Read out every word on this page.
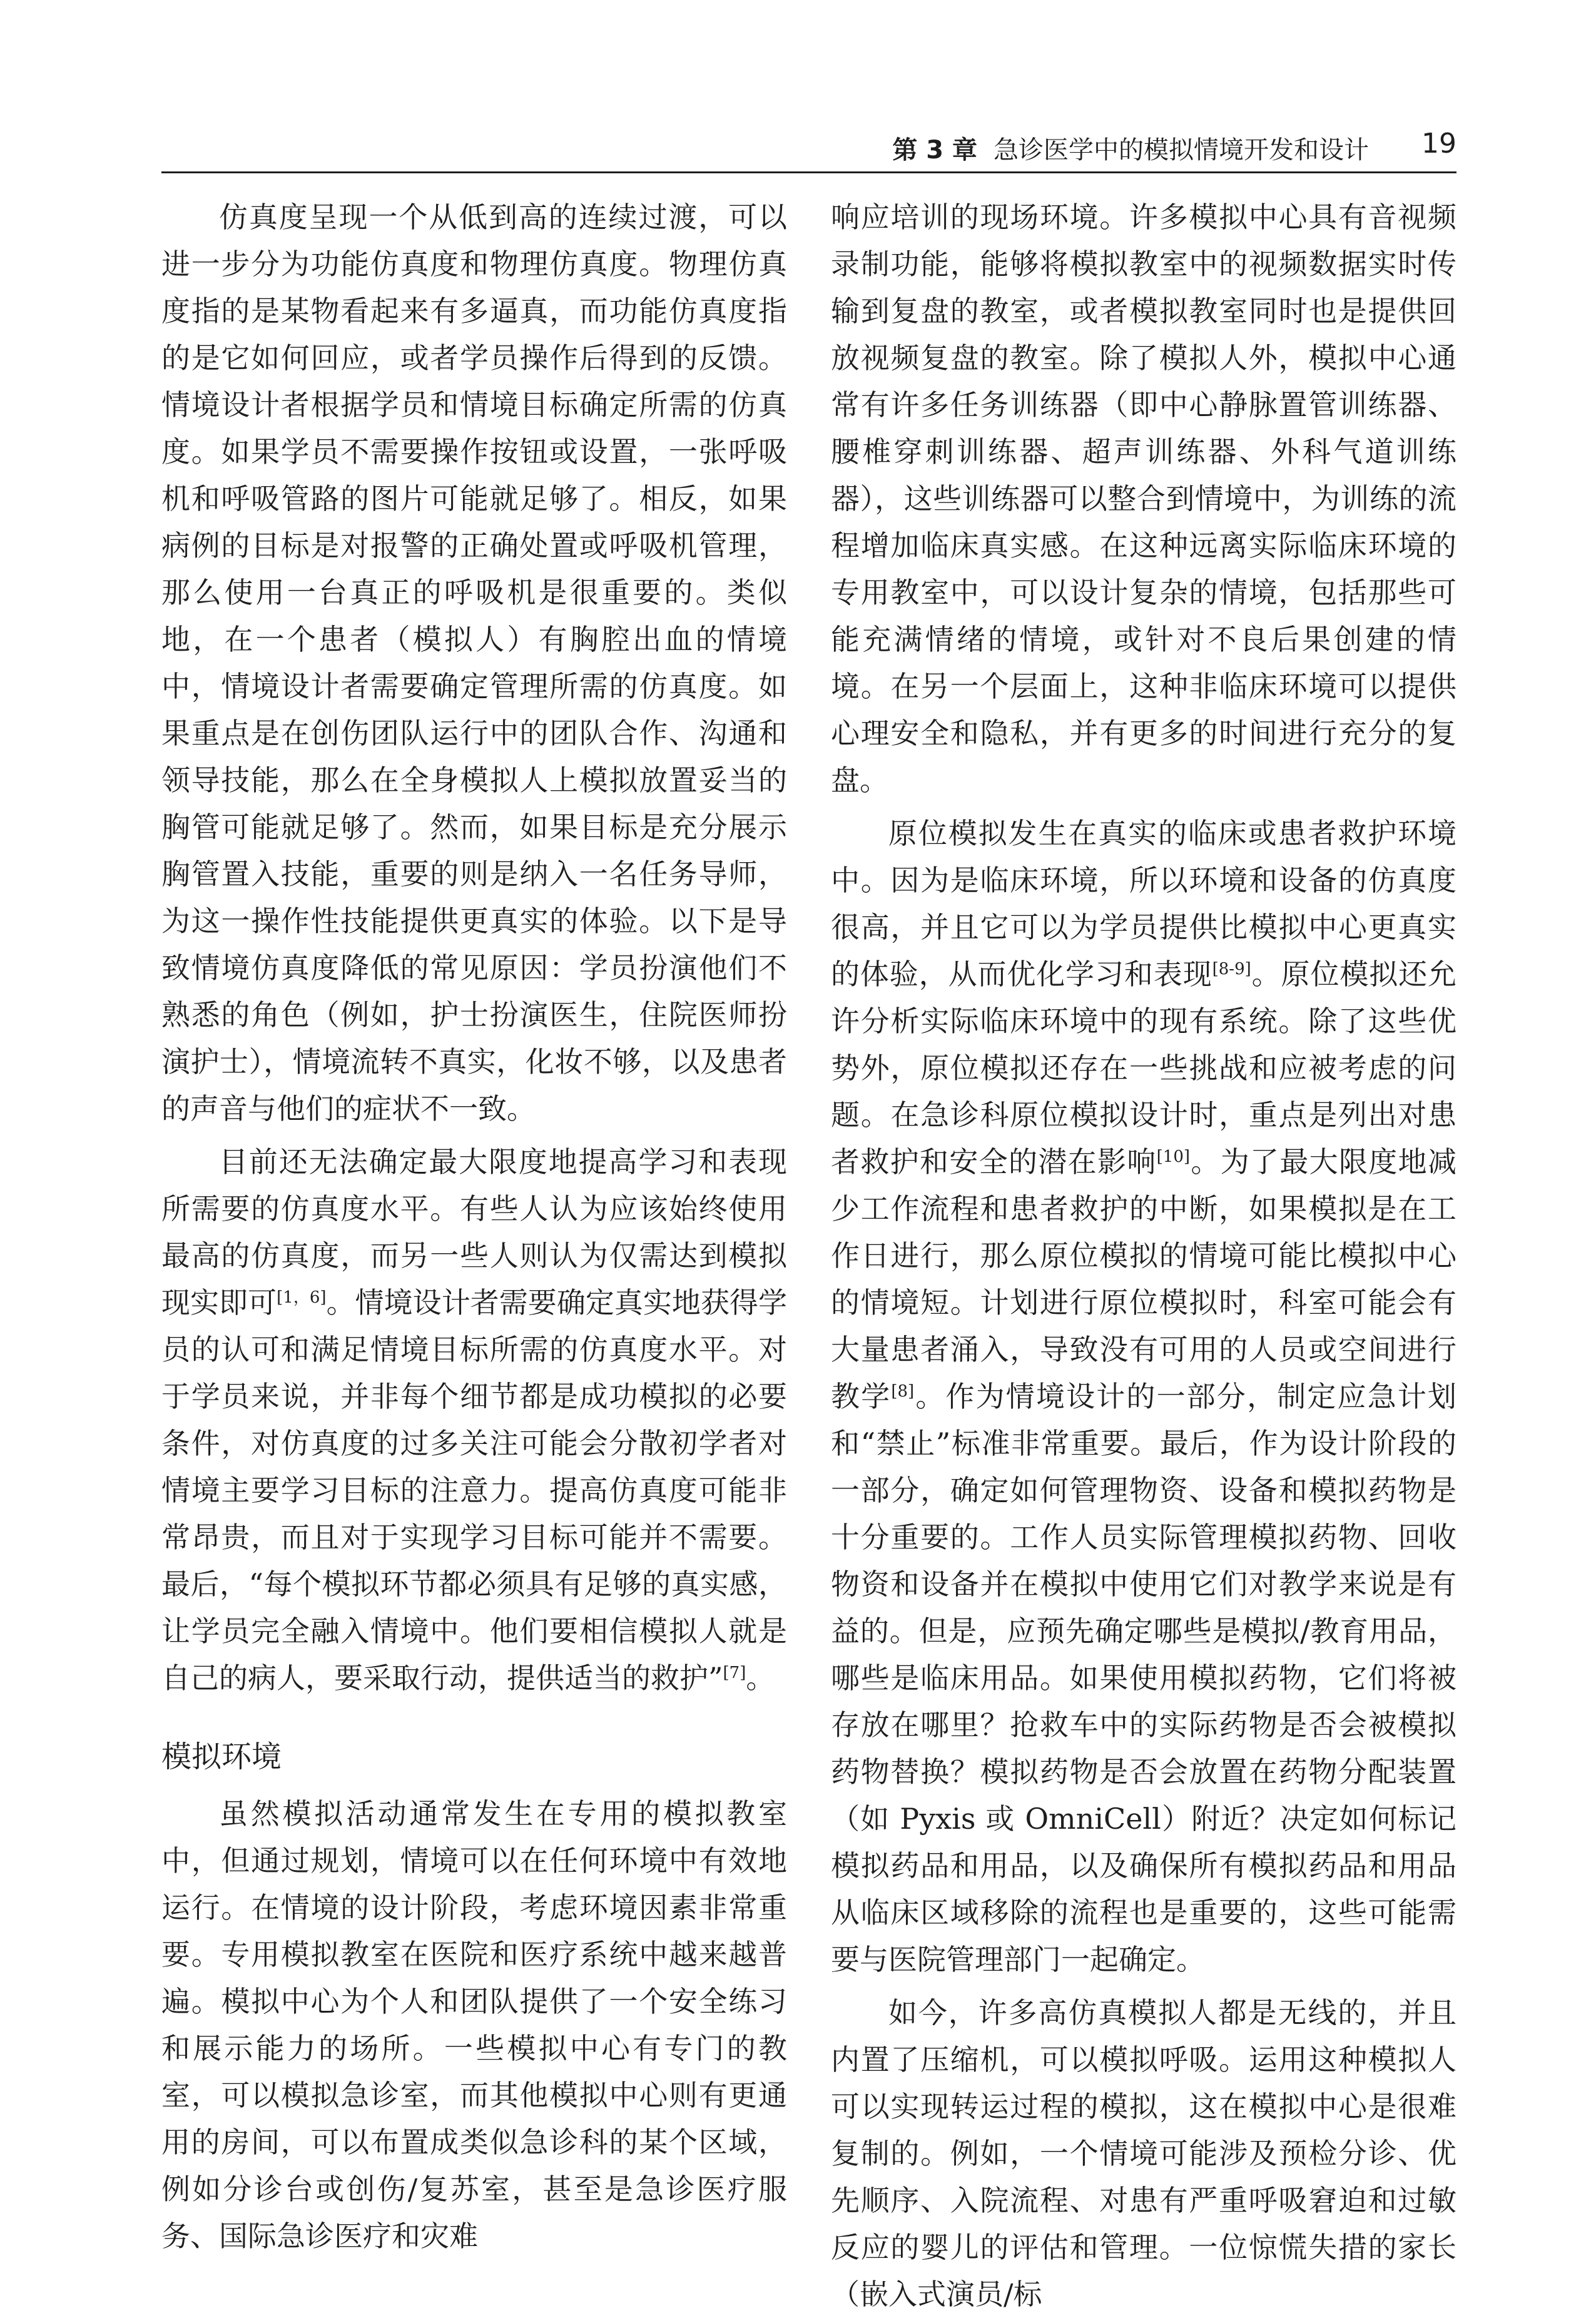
第 3 章 急诊医学中的模拟情境开发和设计 19

仿真度呈现一个从低到高的连续过渡，可以进一步分为功能仿真度和物理仿真度。物理仿真度指的是某物看起来有多逼真，而功能仿真度指的是它如何回应，或者学员操作后得到的反馈。情境设计者根据学员和情境目标确定所需的仿真度。如果学员不需要操作按钮或设置，一张呼吸机和呼吸管路的图片可能就足够了。相反，如果病例的目标是对报警的正确处置或呼吸机管理，那么使用一台真正的呼吸机是很重要的。类似地，在一个患者（模拟人）有胸腔出血的情境中，情境设计者需要确定管理所需的仿真度。如果重点是在创伤团队运行中的团队合作、沟通和领导技能，那么在全身模拟人上模拟放置妥当的胸管可能就足够了。然而，如果目标是充分展示胸管置入技能，重要的则是纳入一名任务导师，为这一操作性技能提供更真实的体验。以下是导致情境仿真度降低的常见原因：学员扮演他们不熟悉的角色（例如，护士扮演医生，住院医师扮演护士），情境流转不真实，化妆不够，以及患者的声音与他们的症状不一致。

目前还无法确定最大限度地提高学习和表现所需要的仿真度水平。有些人认为应该始终使用最高的仿真度，而另一些人则认为仅需达到模拟现实即可[1，6]。情境设计者需要确定真实地获得学员的认可和满足情境目标所需的仿真度水平。对于学员来说，并非每个细节都是成功模拟的必要条件，对仿真度的过多关注可能会分散初学者对情境主要学习目标的注意力。提高仿真度可能非常昂贵，而且对于实现学习目标可能并不需要。最后，“每个模拟环节都必须具有足够的真实感，让学员完全融入情境中。他们要相信模拟人就是自己的病人，要采取行动，提供适当的救护”[7]。

模拟环境

虽然模拟活动通常发生在专用的模拟教室中，但通过规划，情境可以在任何环境中有效地运行。在情境的设计阶段，考虑环境因素非常重要。专用模拟教室在医院和医疗系统中越来越普遍。模拟中心为个人和团队提供了一个安全练习和展示能力的场所。一些模拟中心有专门的教室，可以模拟急诊室，而其他模拟中心则有更通用的房间，可以布置成类似急诊科的某个区域，例如分诊台或创伤/复苏室，甚至是急诊医疗服务、国际急诊医疗和灾难

响应培训的现场环境。许多模拟中心具有音视频录制功能，能够将模拟教室中的视频数据实时传输到复盘的教室，或者模拟教室同时也是提供回放视频复盘的教室。除了模拟人外，模拟中心通常有许多任务训练器（即中心静脉置管训练器、腰椎穿刺训练器、超声训练器、外科气道训练器），这些训练器可以整合到情境中，为训练的流程增加临床真实感。在这种远离实际临床环境的专用教室中，可以设计复杂的情境，包括那些可能充满情绪的情境，或针对不良后果创建的情境。在另一个层面上，这种非临床环境可以提供心理安全和隐私，并有更多的时间进行充分的复盘。

原位模拟发生在真实的临床或患者救护环境中。因为是临床环境，所以环境和设备的仿真度很高，并且它可以为学员提供比模拟中心更真实的体验，从而优化学习和表现[8-9]。原位模拟还允许分析实际临床环境中的现有系统。除了这些优势外，原位模拟还存在一些挑战和应被考虑的问题。在急诊科原位模拟设计时，重点是列出对患者救护和安全的潜在影响[10]。为了最大限度地减少工作流程和患者救护的中断，如果模拟是在工作日进行，那么原位模拟的情境可能比模拟中心的情境短。计划进行原位模拟时，科室可能会有大量患者涌入，导致没有可用的人员或空间进行教学[8]。作为情境设计的一部分，制定应急计划和“禁止”标准非常重要。最后，作为设计阶段的一部分，确定如何管理物资、设备和模拟药物是十分重要的。工作人员实际管理模拟药物、回收物资和设备并在模拟中使用它们对教学来说是有益的。但是，应预先确定哪些是模拟/教育用品，哪些是临床用品。如果使用模拟药物，它们将被存放在哪里？抢救车中的实际药物是否会被模拟药物替换？模拟药物是否会放置在药物分配装置（如 Pyxis 或 OmniCell）附近？决定如何标记模拟药品和用品，以及确保所有模拟药品和用品从临床区域移除的流程也是重要的，这些可能需要与医院管理部门一起确定。

如今，许多高仿真模拟人都是无线的，并且内置了压缩机，可以模拟呼吸。运用这种模拟人可以实现转运过程的模拟，这在模拟中心是很难复制的。例如，一个情境可能涉及预检分诊、优先顺序、入院流程、对患有严重呼吸窘迫和过敏反应的婴儿的评估和管理。一位惊慌失措的家长（嵌入式演员/标
